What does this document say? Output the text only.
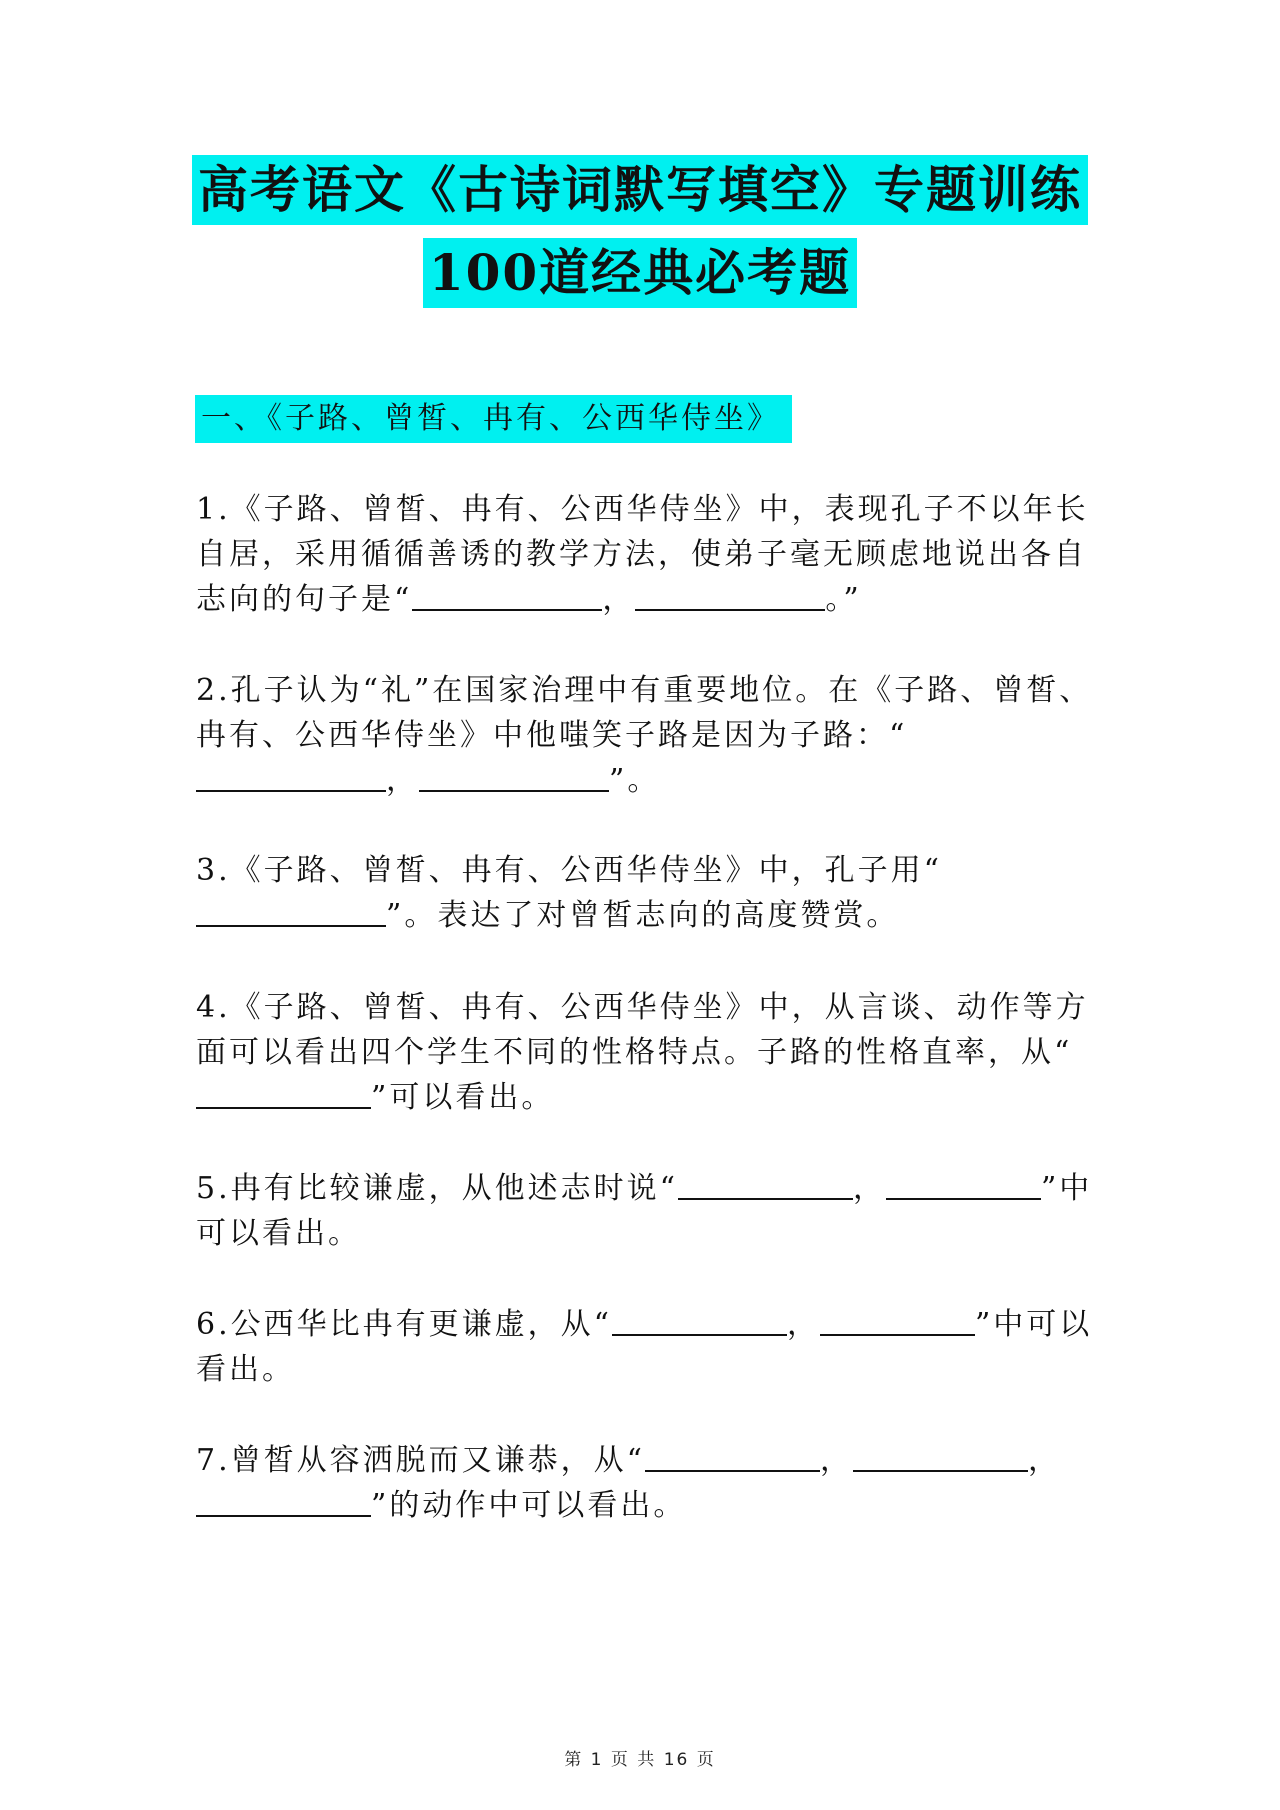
高考语文《古诗词默写填空》专题训练
100道经典必考题
一、《子路、曾皙、冉有、公西华侍坐》

1.《子路、曾皙、冉有、公西华侍坐》中，表现孔子不以年长自居，采用循循善诱的教学方法，使弟子毫无顾虑地说出各自志向的句子是“	，	。”

2.孔子认为“礼”在国家治理中有重要地位。在《子路、曾皙、冉有、公西华侍坐》中他嗤笑子路是因为子路：“，	”。

3.《子路、曾皙、冉有、公西华侍坐》中，孔子用“”。表达了对曾皙志向的高度赞赏。

4.《子路、曾皙、冉有、公西华侍坐》中，从言谈、动作等方面可以看出四个学生不同的性格特点。子路的性格直率，从“”可以看出。

5.冉有比较谦虚，从他述志时说“	，	”中可以看出。

6.公西华比冉有更谦虚，从“	，	”中可以看出。

7.曾皙从容洒脱而又谦恭，从“	，	，”的动作中可以看出。

第 1 页 共 16 页
